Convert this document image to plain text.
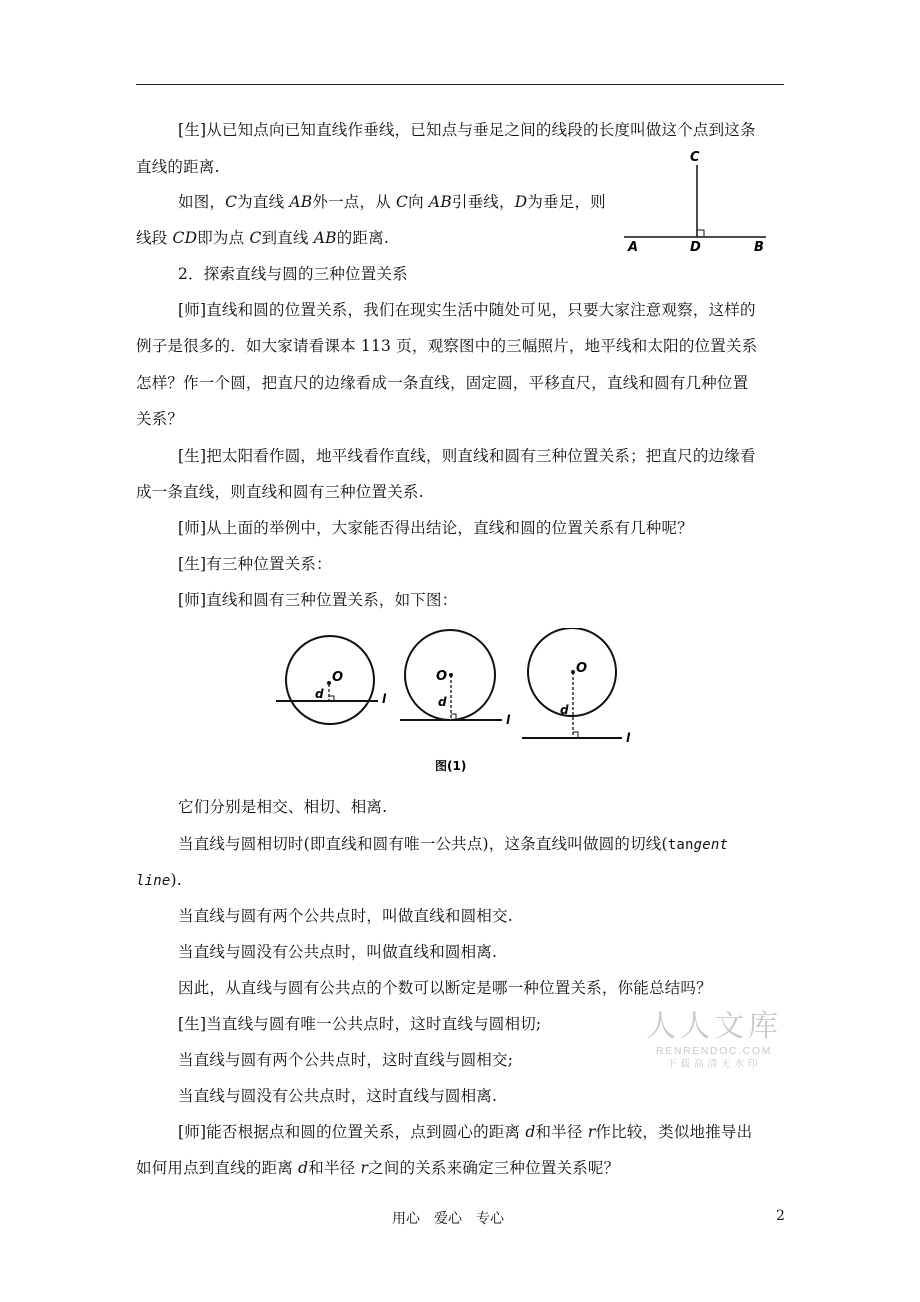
[生]从已知点向已知直线作垂线，已知点与垂足之间的线段的长度叫做这个点到这条
直线的距离.
如图，C为直线 AB外一点，从 C向 AB引垂线，D为垂足，则
线段 CD即为点 C到直线 AB的距离.
C
A	D	B
2．探索直线与圆的三种位置关系
[师]直线和圆的位置关系，我们在现实生活中随处可见，只要大家注意观察，这样的
例子是很多的．如大家请看课本 113 页，观察图中的三幅照片，地平线和太阳的位置关系
怎样？作一个圆，把直尺的边缘看成一条直线，固定圆，平移直尺，直线和圆有几种位置
关系？
[生]把太阳看作圆，地平线看作直线，则直线和圆有三种位置关系；把直尺的边缘看
成一条直线，则直线和圆有三种位置关系.
[师]从上面的举例中，大家能否得出结论，直线和圆的位置关系有几种呢？
[生]有三种位置关系：
[师]直线和圆有三种位置关系，如下图：
O
d	l
O
d
l
O
d
l
图(1)
它们分别是相交、相切、相离.
当直线与圆相切时(即直线和圆有唯一公共点)，这条直线叫做圆的切线(tangent
line).
当直线与圆有两个公共点时，叫做直线和圆相交.
当直线与圆没有公共点时，叫做直线和圆相离.
因此，从直线与圆有公共点的个数可以断定是哪一种位置关系，你能总结吗？
[生]当直线与圆有唯一公共点时，这时直线与圆相切;
当直线与圆有两个公共点时，这时直线与圆相交;
当直线与圆没有公共点时，这时直线与圆相离.
[师]能否根据点和圆的位置关系，点到圆心的距离 d和半径 r作比较，类似地推导出
如何用点到直线的距离 d和半径 r之间的关系来确定三种位置关系呢？
人人文库
RENRENDOC.COM
下载高清无水印
用心　爱心　专心	2
